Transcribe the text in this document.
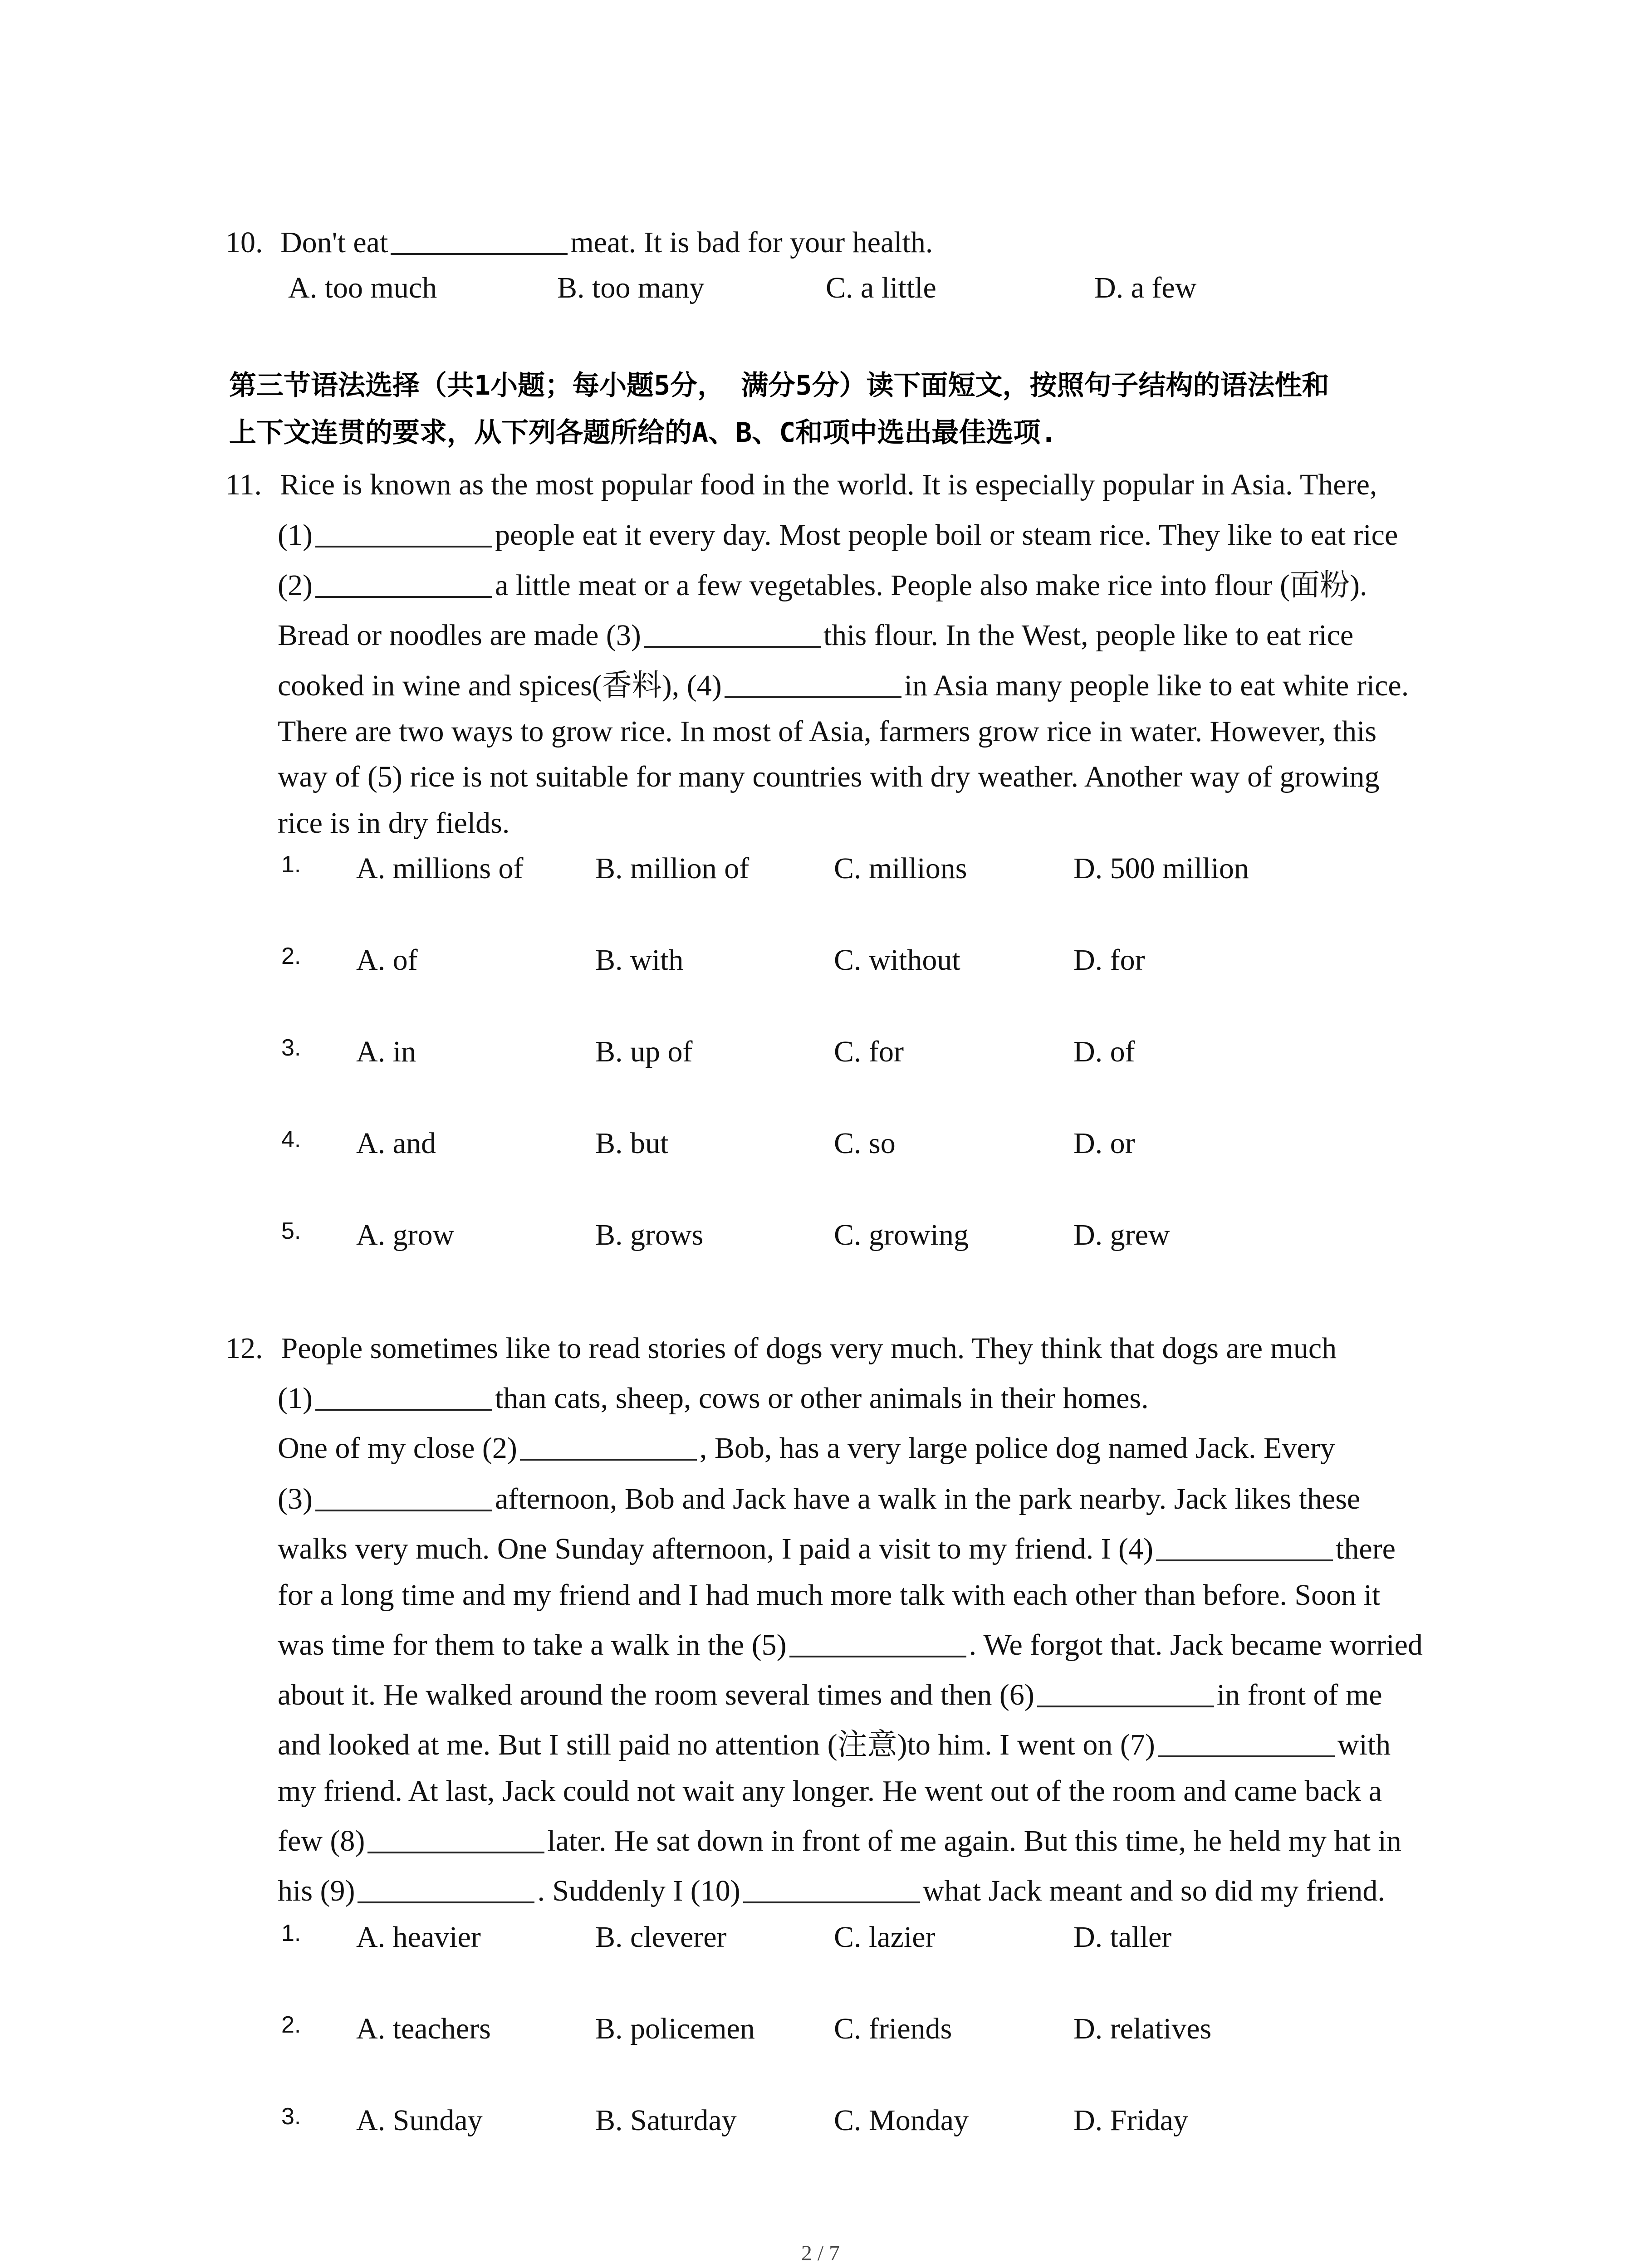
10. Don't eat	meat. It is bad for your health.
A. too much	B. too many	C. a little	D. a few
第三节语法选择（共1小题；每小题5分， 满分5分）读下面短文，按照句子结构的语法性和
上下文连贯的要求，从下列各题所给的A、B、C和项中选出最佳选项.
11. Rice is known as the most popular food in the world. It is especially popular in Asia. There,
(1)	people eat it every day. Most people boil or steam rice. They like to eat rice
(2)	a little meat or a few vegetables. People also make rice into flour (面粉).
Bread or noodles are made (3)	this flour. In the West, people like to eat rice
cooked in wine and spices(香料), (4)	in Asia many people like to eat white rice.
There are two ways to grow rice. In most of Asia, farmers grow rice in water. However, this
way of (5) rice is not suitable for many countries with dry weather. Another way of growing
rice is in dry fields.
1. A. millions of B. million of	C. millions	D. 500 million
2. A. of	B. with	C. without	D. for
3. A. in	B. up of	C. for	D. of
4. A. and	B. but	C. so	D. or
5. A. grow	B. grows	C. growing	D. grew
12. People sometimes like to read stories of dogs very much. They think that dogs are much
(1)	than cats, sheep, cows or other animals in their homes.
One of my close (2)	, Bob, has a very large police dog named Jack. Every
(3)	afternoon, Bob and Jack have a walk in the park nearby. Jack likes these
walks very much. One Sunday afternoon, I paid a visit to my friend. I (4)	there
for a long time and my friend and I had much more talk with each other than before. Soon it
was time for them to take a walk in the (5)	. We forgot that. Jack became worried
about it. He walked around the room several times and then (6)	in front of me
and looked at me. But I still paid no attention (注意)to him. I went on (7)	with
my friend. At last, Jack could not wait any longer. He went out of the room and came back a
few (8)	later. He sat down in front of me again. But this time, he held my hat in
his (9)	. Suddenly I (10)	what Jack meant and so did my friend.
1. A. heavier	B. cleverer	C. lazier	D. taller
2. A. teachers	B. policemen	C. friends	D. relatives
3. A. Sunday	B. Saturday	C. Monday	D. Friday
2 / 7
